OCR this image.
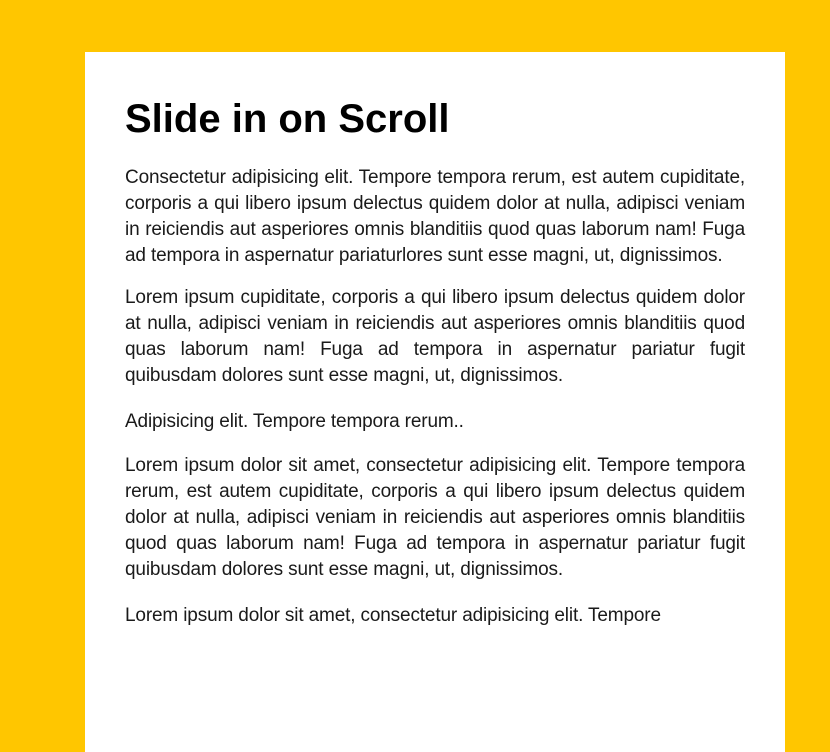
Slide in on Scroll

Consectetur adipisicing elit. Tempore tempora rerum, est autem cupiditate, corporis a qui libero ipsum delectus quidem dolor at nulla, adipisci veniam in reiciendis aut asperiores omnis blanditiis quod quas laborum nam! Fuga ad tempora in aspernatur pariaturlores sunt esse magni, ut, dignissimos.

Lorem ipsum cupiditate, corporis a qui libero ipsum delectus quidem dolor at nulla, adipisci veniam in reiciendis aut asperiores omnis blanditiis quod quas laborum nam! Fuga ad tempora in aspernatur pariatur fugit quibusdam dolores sunt esse magni, ut, dignissimos.

Adipisicing elit. Tempore tempora rerum..

Lorem ipsum dolor sit amet, consectetur adipisicing elit. Tempore tempora rerum, est autem cupiditate, corporis a qui libero ipsum delectus quidem dolor at nulla, adipisci veniam in reiciendis aut asperiores omnis blanditiis quod quas laborum nam! Fuga ad tempora in aspernatur pariatur fugit quibusdam dolores sunt esse magni, ut, dignissimos.

Lorem ipsum dolor sit amet, consectetur adipisicing elit. Tempore
